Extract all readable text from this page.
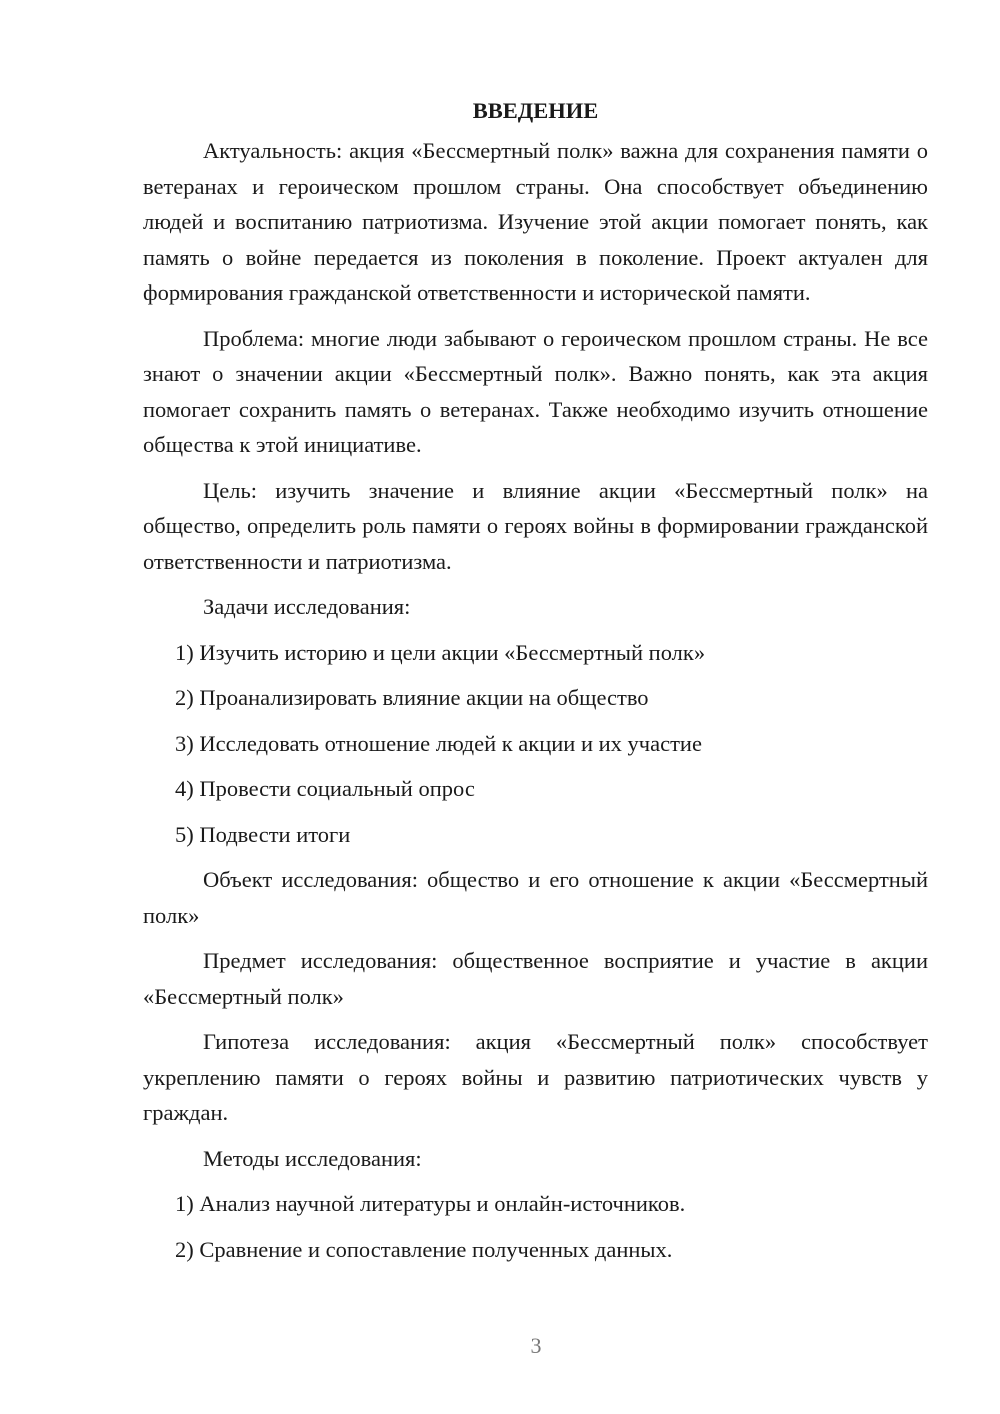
ВВЕДЕНИЕ

Актуальность: акция «Бессмертный полк» важна для сохранения памяти о ветеранах и героическом прошлом страны. Она способствует объединению людей и воспитанию патриотизма. Изучение этой акции помогает понять, как память о войне передается из поколения в поколение. Проект актуален для формирования гражданской ответственности и исторической памяти.

Проблема: многие люди забывают о героическом прошлом страны. Не все знают о значении акции «Бессмертный полк». Важно понять, как эта акция помогает сохранить память о ветеранах. Также необходимо изучить отношение общества к этой инициативе.

Цель: изучить значение и влияние акции «Бессмертный полк» на общество, определить роль памяти о героях войны в формировании гражданской ответственности и патриотизма.

Задачи исследования:

1) Изучить историю и цели акции «Бессмертный полк»

2) Проанализировать влияние акции на общество

3) Исследовать отношение людей к акции и их участие

4) Провести социальный опрос

5) Подвести итоги

Объект исследования: общество и его отношение к акции «Бессмертный полк»

Предмет исследования: общественное восприятие и участие в акции «Бессмертный полк»

Гипотеза исследования: акция «Бессмертный полк» способствует укреплению памяти о героях войны и развитию патриотических чувств у граждан.

Методы исследования:

1) Анализ научной литературы и онлайн-источников.

2) Сравнение и сопоставление полученных данных.

3
